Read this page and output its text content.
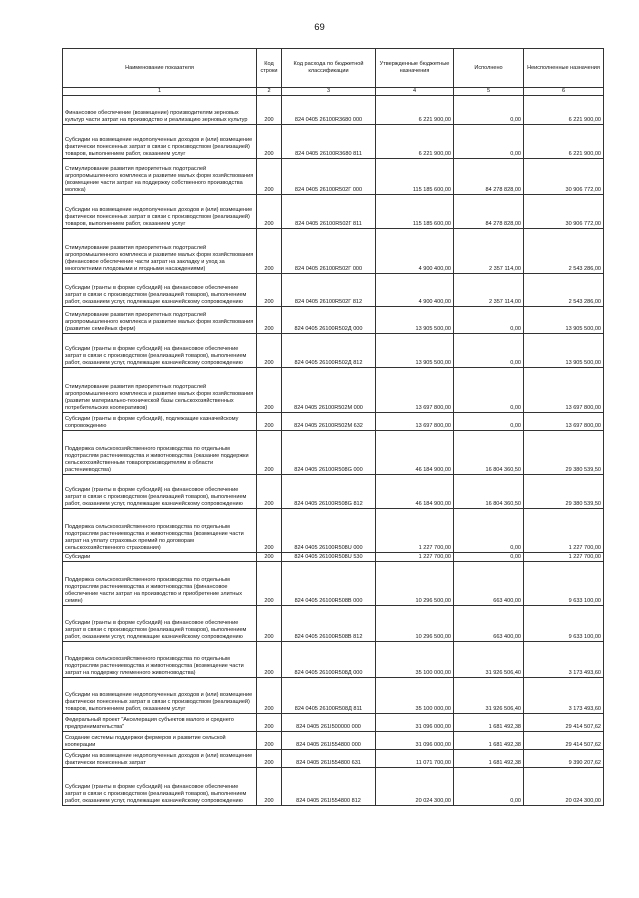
69
Наименование показателя	Код строки	Код расхода по бюджетной классификации	Утвержденные бюджетные назначения	Исполнено	Неисполненные назначения
1	2	3	4	5	6
Финансовое обеспечение (возмещение) производителям зерновых культур части затрат на производство и реализацию зерновых культур	200	824 0405 26100R3680 000	6 221 900,00	0,00	6 221 900,00
Субсидии на возмещение недополученных доходов и (или) возмещение фактически понесенных затрат в связи с производством (реализацией) товаров, выполнением работ, оказанием услуг	200	824 0405 26100R3680 811	6 221 900,00	0,00	6 221 900,00
Стимулирование развития приоритетных подотраслей агропромышленного комплекса и развитие малых форм хозяйствования (возмещение части затрат на поддержку собственного производства молока)	200	824 0405 26100R502Г 000	115 185 600,00	84 278 828,00	30 906 772,00
Субсидии на возмещение недополученных доходов и (или) возмещение фактически понесенных затрат в связи с производством (реализацией) товаров, выполнением работ, оказанием услуг	200	824 0405 26100R502Г 811	115 185 600,00	84 278 828,00	30 906 772,00
Стимулирование развития приоритетных подотраслей агропромышленного комплекса и развитие малых форм хозяйствования (финансовое обеспечение части затрат на закладку и уход за многолетними плодовыми и ягодными насаждениями)	200	824 0405 26100R502Г 000	4 900 400,00	2 357 114,00	2 543 286,00
Субсидии (гранты в форме субсидий) на финансовое обеспечение затрат в связи с производством (реализацией товаров), выполнением работ, оказанием услуг, подлежащие казначейскому сопровождению	200	824 0405 26100R502Г 812	4 900 400,00	2 357 114,00	2 543 286,00
Стимулирование развития приоритетных подотраслей агропромышленного комплекса и развитие малых форм хозяйствования (развитие семейных ферм)	200	824 0405 26100R502Д 000	13 905 500,00	0,00	13 905 500,00
Субсидии (гранты в форме субсидий) на финансовое обеспечение затрат в связи с производством (реализацией товаров), выполнением работ, оказанием услуг, подлежащие казначейскому сопровождению	200	824 0405 26100R502Д 812	13 905 500,00	0,00	13 905 500,00
Стимулирование развития приоритетных подотраслей агропромышленного комплекса и развитие малых форм хозяйствования (развитие материально-технической базы сельскохозяйственных потребительских кооперативов)	200	824 0405 26100R502М 000	13 697 800,00	0,00	13 697 800,00
Субсидии (гранты в форме субсидий), подлежащие казначейскому сопровождению	200	824 0405 26100R502М 632	13 697 800,00	0,00	13 697 800,00
Поддержка сельскохозяйственного производства по отдельным подотраслям растениеводства и животноводства (оказание поддержки сельскохозяйственным товаропроизводителям в области растениеводства)	200	824 0405 26100R508G 000	46 184 900,00	16 804 360,50	29 380 539,50
Субсидии (гранты в форме субсидий) на финансовое обеспечение затрат в связи с производством (реализацией товаров), выполнением работ, оказанием услуг, подлежащие казначейскому сопровождению	200	824 0405 26100R508G 812	46 184 900,00	16 804 360,50	29 380 539,50
Поддержка сельскохозяйственного производства по отдельным подотраслям растениеводства и животноводства (возмещение части затрат на уплату страховых премий по договорам сельскохозяйственного страхования)	200	824 0405 26100R508U 000	1 227 700,00	0,00	1 227 700,00
Субсидии	200	824 0405 26100R508U 530	1 227 700,00	0,00	1 227 700,00
Поддержка сельскохозяйственного производства по отдельным подотраслям растениеводства и животноводства (финансовое обеспечение части затрат на производство и приобретение элитных семян)	200	824 0405 26100R508В 000	10 296 500,00	663 400,00	9 633 100,00
Субсидии (гранты в форме субсидий) на финансовое обеспечение затрат в связи с производством (реализацией товаров), выполнением работ, оказанием услуг, подлежащие казначейскому сопровождению	200	824 0405 26100R508В 812	10 296 500,00	663 400,00	9 633 100,00
Поддержка сельскохозяйственного производства по отдельным подотраслям растениеводства и животноводства (возмещение части затрат на поддержку племенного животноводства)	200	824 0405 26100R508Д 000	35 100 000,00	31 926 506,40	3 173 493,60
Субсидии на возмещение недополученных доходов и (или) возмещение фактически понесенных затрат в связи с производством (реализацией) товаров, выполнением работ, оказанием услуг	200	824 0405 26100R508Д 811	35 100 000,00	31 926 506,40	3 173 493,60
Федеральный проект "Акселерация субъектов малого и среднего предпринимательства"	200	824 0405 261I500000 000	31 096 000,00	1 681 492,38	29 414 507,62
Создание системы поддержки фермеров и развитие сельской кооперации	200	824 0405 261I554800 000	31 096 000,00	1 681 492,38	29 414 507,62
Субсидии на возмещение недополученных доходов и (или) возмещение фактически понесенных затрат	200	824 0405 261I554800 631	11 071 700,00	1 681 492,38	9 390 207,62
Субсидии (гранты в форме субсидий) на финансовое обеспечение затрат в связи с производством (реализацией товаров), выполнением работ, оказанием услуг, подлежащие казначейскому сопровождению	200	824 0405 261I554800 812	20 024 300,00	0,00	20 024 300,00
